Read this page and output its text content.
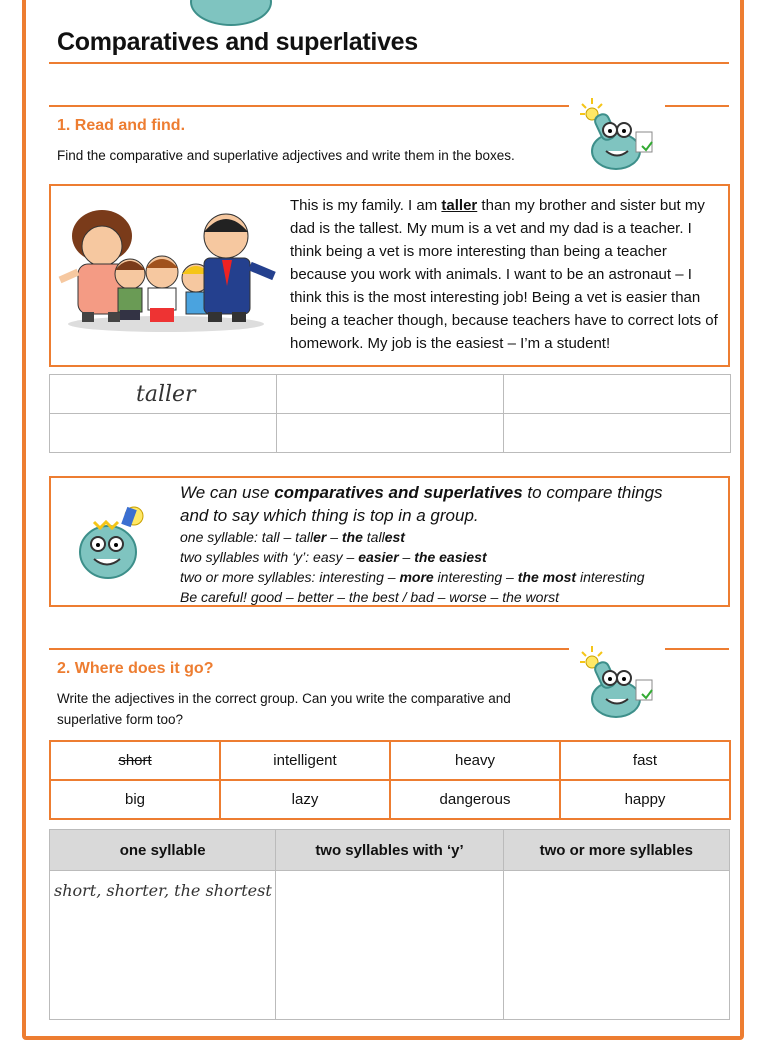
Comparatives and superlatives
1. Read and find.

Find the comparative and superlative adjectives and write them in the boxes.

This is my family. I am taller than my brother and sister but my dad is the tallest. My mum is a vet and my dad is a teacher. I think being a vet is more interesting than being a teacher because you work with animals. I want to be an astronaut – I think this is the most interesting job! Being a vet is easier than being a teacher though, because teachers have to correct lots of homework. My job is the easiest – I’m a student!

taller		

We can use comparatives and superlatives to compare things
and to say which thing is top in a group.
one syllable: tall – taller – the tallest
two syllables with ‘y’: easy – easier – the easiest
two or more syllables: interesting – more interesting – the most interesting
Be careful! good – better – the best / bad – worse – the worst
2. Where does it go?

Write the adjectives in the correct group. Can you write the comparative and
superlative form too?

short	intelligent	heavy	fast
big	lazy	dangerous	happy
one syllable	two syllables with ‘y’	two or more syllables

short, shorter, the shortest		
